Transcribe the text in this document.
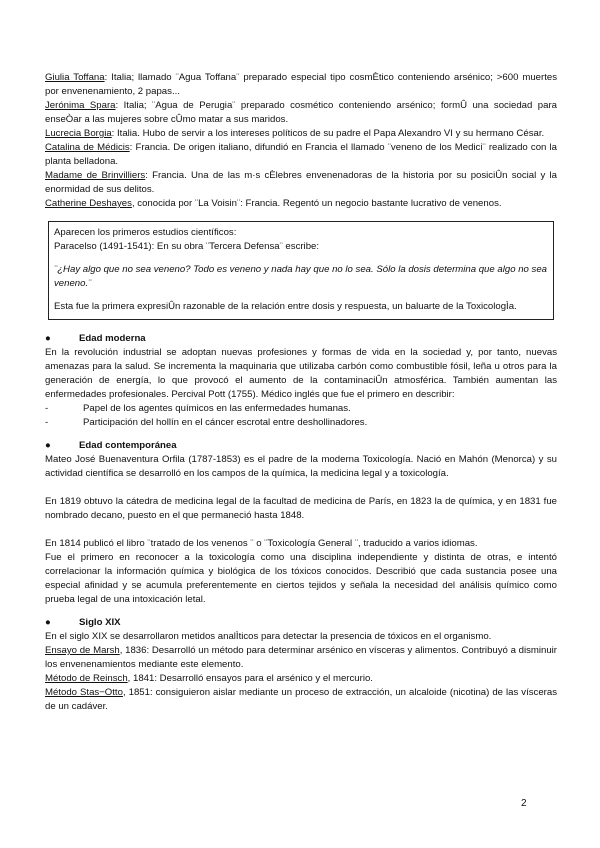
Giulia Toffana: Italia; llamado ¨Agua Toffana¨ preparado especial tipo cosmÈtico conteniendo arsénico; >600 muertes por envenenamiento, 2 papas...

Jerónima Spara: Italia; ¨Agua de Perugia¨ preparado cosmético conteniendo arsénico; formÛ una sociedad para enseÒar a las mujeres sobre cÛmo matar a sus maridos.

Lucrecia Borgia: Italia. Hubo de servir a los intereses políticos de su padre el Papa Alexandro VI y su hermano César.

Catalina de Médicis: Francia. De origen italiano, difundió en Francia el llamado ¨veneno de los Medici¨ realizado con la planta belladona.

Madame de Brinvilliers: Francia. Una de las m·s cÈlebres envenenadoras de la historia por su posiciÛn social y la enormidad de sus delitos.

Catherine Deshayes, conocida por ¨La Voisin¨: Francia. Regentó un negocio bastante lucrativo de venenos.

Aparecen los primeros estudios científicos:

Paracelso (1491-1541): En su obra ¨Tercera Defensa¨ escribe:

¨¿Hay algo que no sea veneno? Todo es veneno y nada hay que no lo sea. Sólo la dosis determina que algo no sea veneno.¨

Esta fue la primera expresiÛn razonable de la relación entre dosis y respuesta, un baluarte de la ToxicologÌa.

●	Edad moderna

En la revolución industrial se adoptan nuevas profesiones y formas de vida en la sociedad y, por tanto, nuevas amenazas para la salud. Se incrementa la maquinaria que utilizaba carbón como combustible fósil, leña u otros para la generación de energía, lo que provocó el aumento de la contaminaciÛn atmosférica. También aumentan las enfermedades profesionales. Percival Pott (1755). Médico inglés que fue el primero en describir:

-	Papel de los agentes químicos en las enfermedades humanas.
-	Participación del hollín en el cáncer escrotal entre deshollinadores.
●	Edad contemporánea

Mateo José Buenaventura Orfila (1787-1853) es el padre de la moderna Toxicología. Nació en Mahón (Menorca) y su actividad científica se desarrolló en los campos de la química, la medicina legal y a toxicología.

En 1819 obtuvo la cátedra de medicina legal de la facultad de medicina de París, en 1823 la de química, y en 1831 fue nombrado decano, puesto en el que permaneció hasta 1848.

En 1814 publicó el libro ¨tratado de los venenos ¨ o ¨Toxicología General ¨, traducido a varios idiomas.

Fue el primero en reconocer a la toxicología como una disciplina independiente y distinta de otras, e intentó correlacionar la información química y biológica de los tóxicos conocidos. Describió que cada sustancia posee una especial afinidad y se acumula preferentemente en ciertos tejidos y señala la necesidad del análisis químico como prueba legal de una intoxicación letal.

●	Siglo XIX

En el siglo XIX se desarrollaron metidos analÌticos para detectar la presencia de tóxicos en el organismo.

Ensayo de Marsh, 1836: Desarrolló un método para determinar arsénico en vísceras y alimentos. Contribuyó a disminuir los envenenamientos mediante este elemento.

Método de Reinsch, 1841: Desarrolló ensayos para el arsénico y el mercurio.

Método Stas−Otto, 1851: consiguieron aislar mediante un proceso de extracción, un alcaloide (nicotina) de las vísceras de un cadáver.

2
